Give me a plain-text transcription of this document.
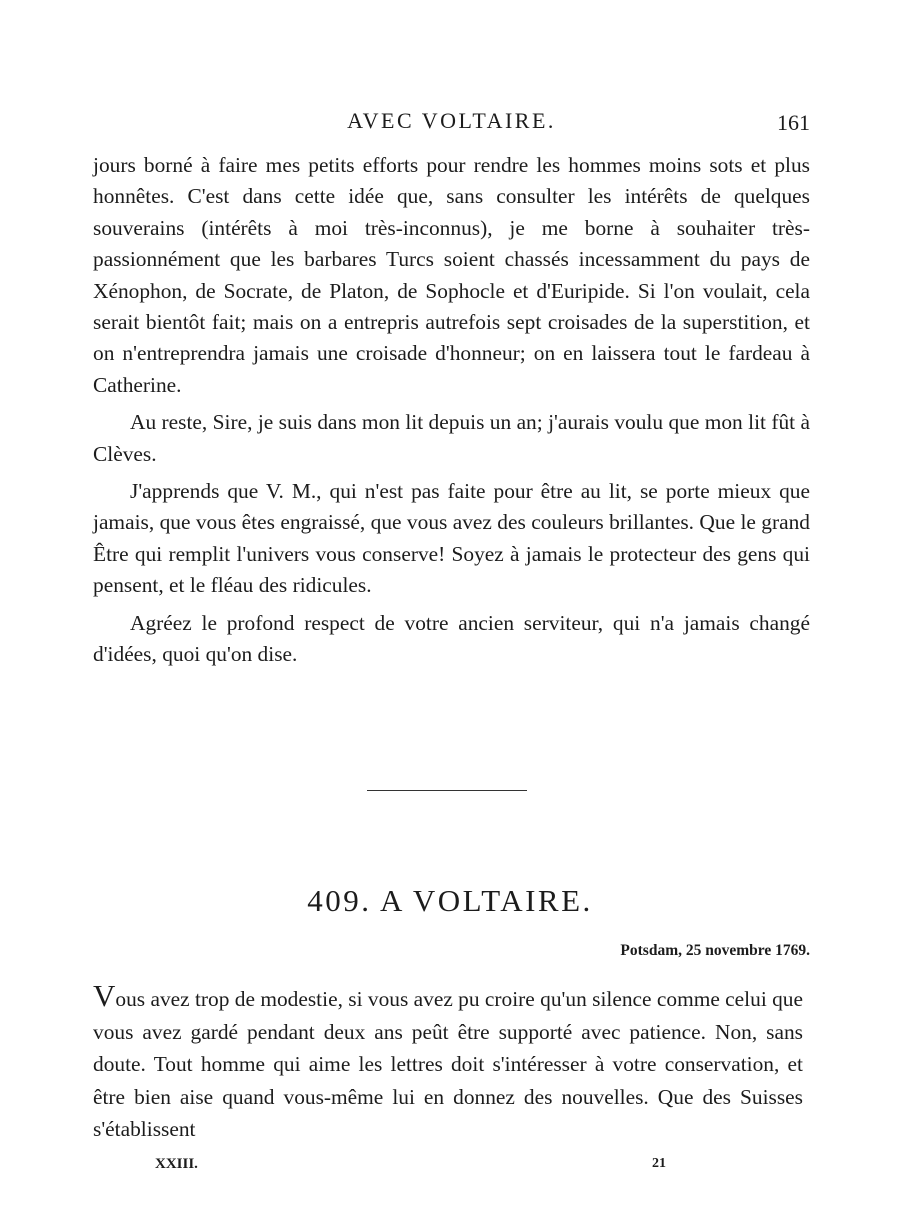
AVEC VOLTAIRE.	161

jours borné à faire mes petits efforts pour rendre les hommes moins sots et plus honnêtes. C'est dans cette idée que, sans consulter les intérêts de quelques souverains (intérêts à moi très-inconnus), je me borne à souhaiter très-passionnément que les barbares Turcs soient chassés incessamment du pays de Xénophon, de Socrate, de Platon, de Sophocle et d'Euripide. Si l'on voulait, cela serait bientôt fait; mais on a entrepris autrefois sept croisades de la superstition, et on n'entreprendra jamais une croisade d'honneur; on en laissera tout le fardeau à Catherine.

Au reste, Sire, je suis dans mon lit depuis un an; j'aurais voulu que mon lit fût à Clèves.

J'apprends que V. M., qui n'est pas faite pour être au lit, se porte mieux que jamais, que vous êtes engraissé, que vous avez des couleurs brillantes. Que le grand Être qui remplit l'univers vous conserve! Soyez à jamais le protecteur des gens qui pensent, et le fléau des ridicules.

Agréez le profond respect de votre ancien serviteur, qui n'a jamais changé d'idées, quoi qu'on dise.

409. A VOLTAIRE.
Potsdam, 25 novembre 1769.

Vous avez trop de modestie, si vous avez pu croire qu'un silence comme celui que vous avez gardé pendant deux ans peût être supporté avec patience. Non, sans doute. Tout homme qui aime les lettres doit s'intéresser à votre conservation, et être bien aise quand vous-même lui en donnez des nouvelles. Que des Suisses s'établissent

XXIII.	21
